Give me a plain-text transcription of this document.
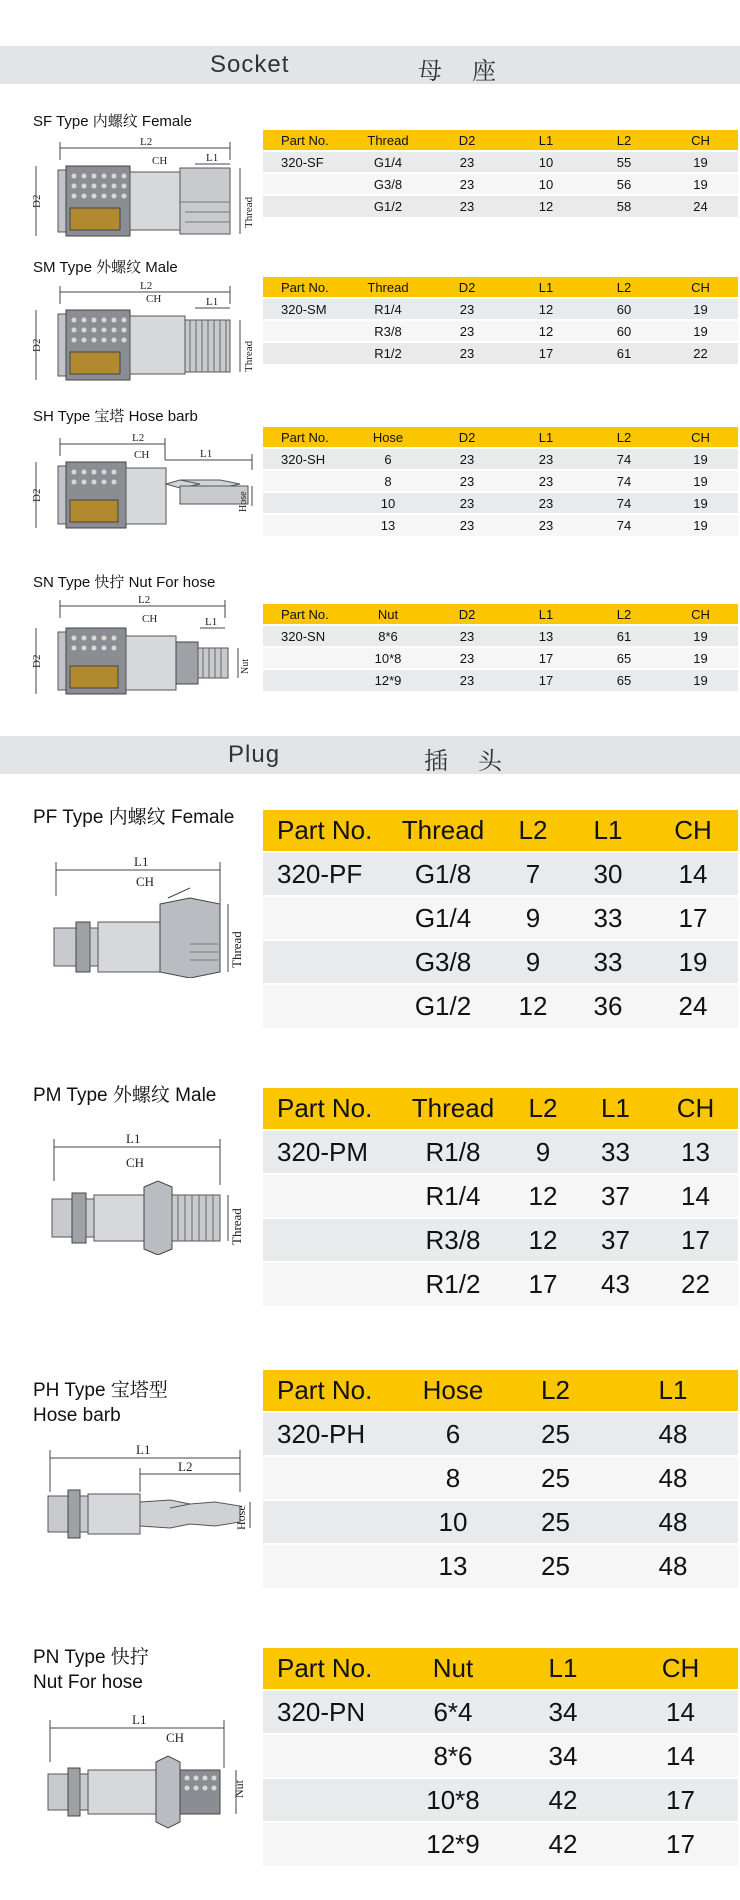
Socket	母座
Plug	插头
SF Type 内螺纹 Female
SM Type 外螺纹 Male
SH Type 宝塔 Hose barb
SN Type 快拧 Nut For hose
PF Type 内螺纹 Female
PM Type 外螺纹 Male
PH Type 宝塔型
Hose barb
PN Type 快拧
Nut For hose
L2
CH	L1
D2	Thread
L2
CH	L1
D2	Thread
L2
CH	L1
D2	Hose
L2
CH	L1
D2	Nut
L1
CH
Thread
L1
CH
Thread
L1
L2
Hose
L1
CH
Nut
Part No.	Thread	D2	L1	L2	CH
320-SF	G1/4	23	10	55	19
	G3/8	23	10	56	19
	G1/2	23	12	58	24
Part No.	Thread	D2	L1	L2	CH
320-SM	R1/4	23	12	60	19
	R3/8	23	12	60	19
	R1/2	23	17	61	22
Part No.	Hose	D2	L1	L2	CH
320-SH	6	23	23	74	19
	8	23	23	74	19
	10	23	23	74	19
	13	23	23	74	19
Part No.	Nut	D2	L1	L2	CH
320-SN	8*6	23	13	61	19
	10*8	23	17	65	19
	12*9	23	17	65	19
Part No.	Thread	L2	L1	CH
320-PF	G1/8	7	30	14
	G1/4	9	33	17
	G3/8	9	33	19
	G1/2	12	36	24
Part No.	Thread	L2	L1	CH
320-PM	R1/8	9	33	13
	R1/4	12	37	14
	R3/8	12	37	17
	R1/2	17	43	22
Part No.	Hose	L2	L1
320-PH	6	25	48
	8	25	48
	10	25	48
	13	25	48
Part No.	Nut	L1	CH
320-PN	6*4	34	14
	8*6	34	14
	10*8	42	17
	12*9	42	17
